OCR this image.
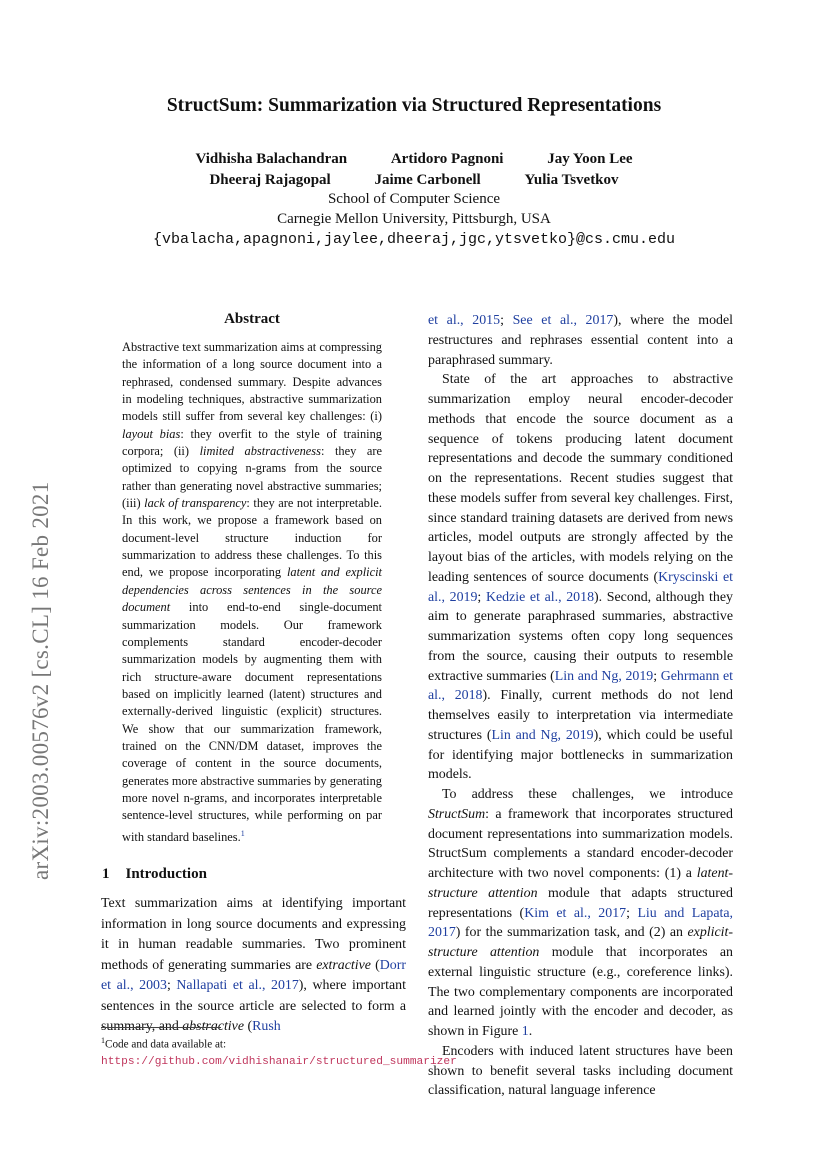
StructSum: Summarization via Structured Representations
Vidhisha Balachandran	Artidoro Pagnoni	Jay Yoon Lee
Dheeraj Rajagopal	Jaime Carbonell	Yulia Tsvetkov
School of Computer Science
Carnegie Mellon University, Pittsburgh, USA
{vbalacha,apagnoni,jaylee,dheeraj,jgc,ytsvetko}@cs.cmu.edu
arXiv:2003.00576v2 [cs.CL] 16 Feb 2021
Abstract
Abstractive text summarization aims at compressing the information of a long source document into a rephrased, condensed summary. Despite advances in modeling techniques, abstractive summarization models still suffer from several key challenges: (i) layout bias: they overfit to the style of training corpora; (ii) limited abstractiveness: they are optimized to copying n-grams from the source rather than generating novel abstractive summaries; (iii) lack of transparency: they are not interpretable. In this work, we propose a framework based on document-level structure induction for summarization to address these challenges. To this end, we propose incorporating latent and explicit dependencies across sentences in the source document into end-to-end single-document summarization models. Our framework complements standard encoder-decoder summarization models by augmenting them with rich structure-aware document representations based on implicitly learned (latent) structures and externally-derived linguistic (explicit) structures. We show that our summarization framework, trained on the CNN/DM dataset, improves the coverage of content in the source documents, generates more abstractive summaries by generating more novel n-grams, and incorporates interpretable sentence-level structures, while performing on par with standard baselines.$^1$
1 Introduction
Text summarization aims at identifying important information in long source documents and expressing it in human readable summaries. Two prominent methods of generating summaries are extractive (Dorr et al., 2003; Nallapati et al., 2017), where important sentences in the source article are selected to form a summary, and abstractive (Rush
$^1$Code and data available at: https://github.com/vidhishanair/structured_summarizer

et al., 2015; See et al., 2017), where the model restructures and rephrases essential content into a paraphrased summary.

State of the art approaches to abstractive summarization employ neural encoder-decoder methods that encode the source document as a sequence of tokens producing latent document representations and decode the summary conditioned on the representations. Recent studies suggest that these models suffer from several key challenges. First, since standard training datasets are derived from news articles, model outputs are strongly affected by the layout bias of the articles, with models relying on the leading sentences of source documents (Kryscinski et al., 2019; Kedzie et al., 2018). Second, although they aim to generate paraphrased summaries, abstractive summarization systems often copy long sequences from the source, causing their outputs to resemble extractive summaries (Lin and Ng, 2019; Gehrmann et al., 2018). Finally, current methods do not lend themselves easily to interpretation via intermediate structures (Lin and Ng, 2019), which could be useful for identifying major bottlenecks in summarization models.

To address these challenges, we introduce StructSum: a framework that incorporates structured document representations into summarization models. StructSum complements a standard encoder-decoder architecture with two novel components: (1) a latent-structure attention module that adapts structured representations (Kim et al., 2017; Liu and Lapata, 2017) for the summarization task, and (2) an explicit-structure attention module that incorporates an external linguistic structure (e.g., coreference links). The two complementary components are incorporated and learned jointly with the encoder and decoder, as shown in Figure 1.

Encoders with induced latent structures have been shown to benefit several tasks including document classification, natural language inference
